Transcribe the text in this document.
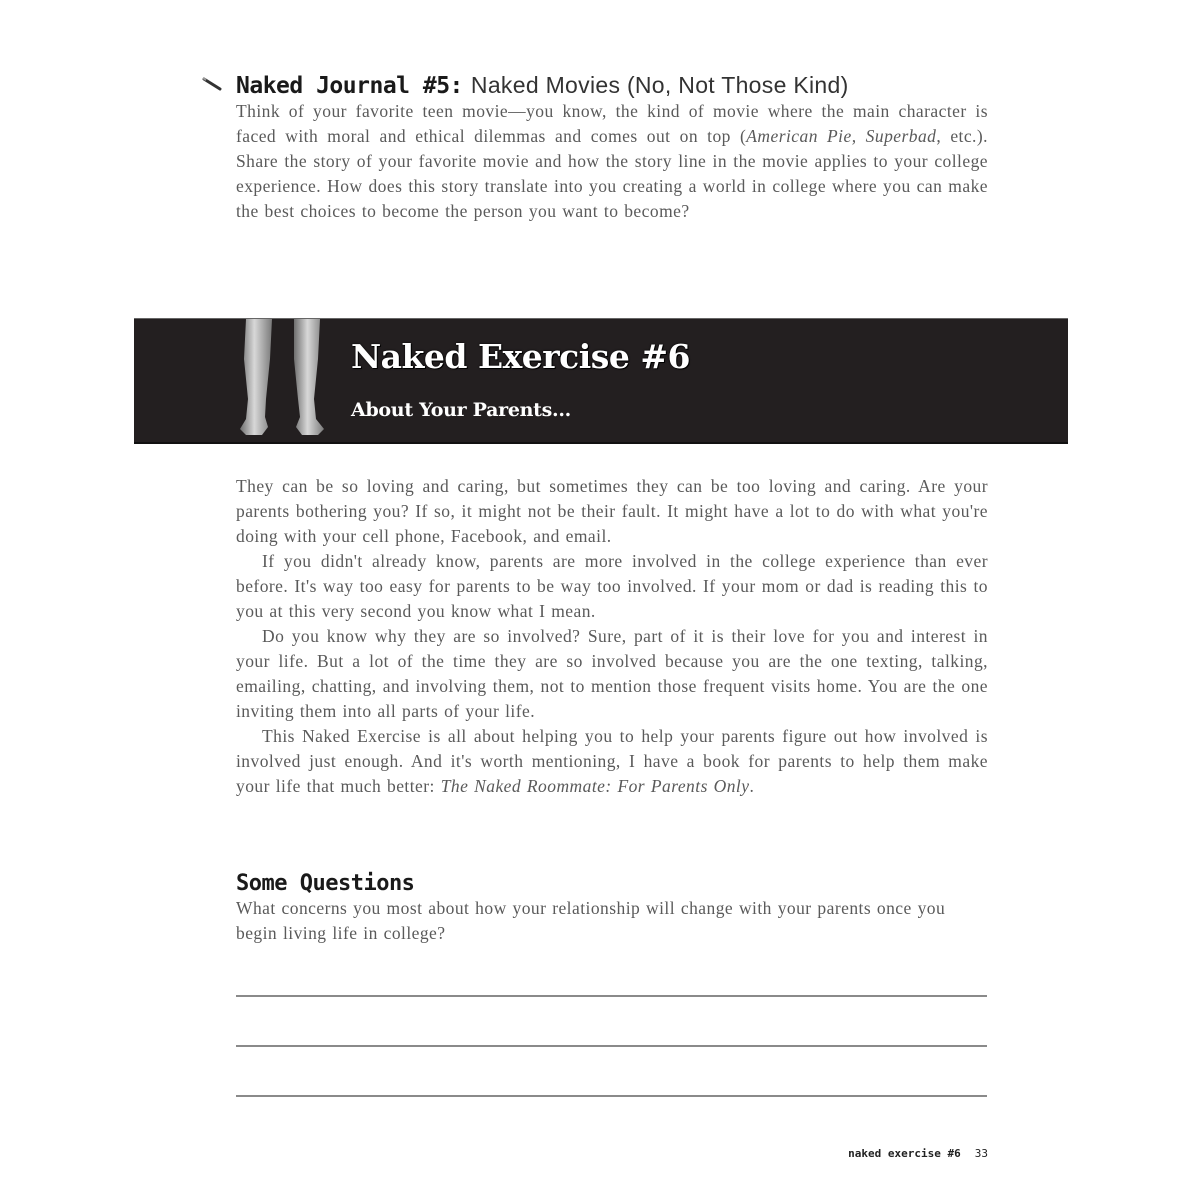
Naked Journal #5: Naked Movies (No, Not Those Kind)

Think of your favorite teen movie—you know, the kind of movie where the main character is faced with moral and ethical dilemmas and comes out on top (American Pie, Superbad, etc.). Share the story of your favorite movie and how the story line in the movie applies to your college experience. How does this story translate into you creating a world in college where you can make the best choices to become the person you want to become?

Naked Exercise #6
About Your Parents...

They can be so loving and caring, but sometimes they can be too loving and caring. Are your parents bothering you? If so, it might not be their fault. It might have a lot to do with what you're doing with your cell phone, Facebook, and email.

If you didn't already know, parents are more involved in the college experience than ever before. It's way too easy for parents to be way too involved. If your mom or dad is reading this to you at this very second you know what I mean.

Do you know why they are so involved? Sure, part of it is their love for you and interest in your life. But a lot of the time they are so involved because you are the one texting, talking, emailing, chatting, and involving them, not to mention those frequent visits home. You are the one inviting them into all parts of your life.

This Naked Exercise is all about helping you to help your parents figure out how involved is involved just enough. And it's worth mentioning, I have a book for parents to help them make your life that much better: The Naked Roommate: For Parents Only.

Some Questions

What concerns you most about how your relationship will change with your parents once you begin living life in college?

naked exercise #6 33
